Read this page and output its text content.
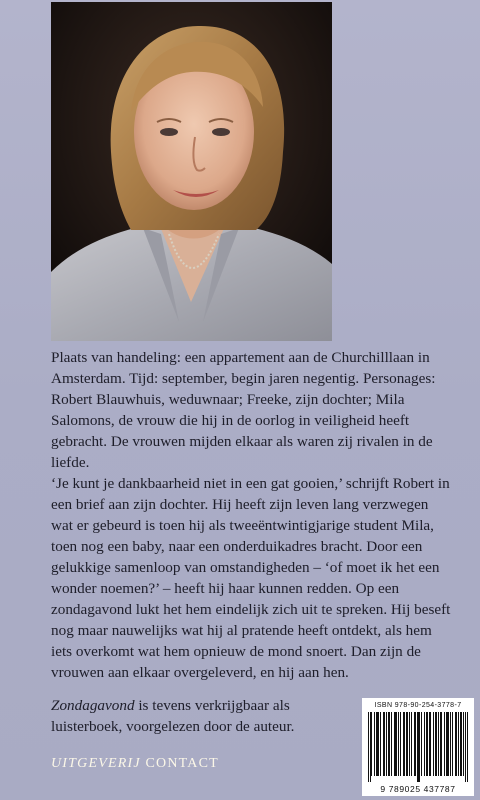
Plaats van handeling: een appartement aan de Churchilllaan in Amsterdam. Tijd: september, begin jaren negentig. Personages: Robert Blauwhuis, weduwnaar; Freeke, zijn dochter; Mila Salomons, de vrouw die hij in de oorlog in veiligheid heeft gebracht. De vrouwen mijden elkaar als waren zij rivalen in de liefde.

‘Je kunt je dankbaarheid niet in een gat gooien,’ schrijft Robert in een brief aan zijn dochter. Hij heeft zijn leven lang verzwegen wat er gebeurd is toen hij als tweeëntwintigjarige student Mila, toen nog een baby, naar een onderduikadres bracht. Door een gelukkige samenloop van omstandigheden – ‘of moet ik het een wonder noemen?’ – heeft hij haar kunnen redden. Op een zondagavond lukt het hem eindelijk zich uit te spreken. Hij beseft nog maar nauwelijks wat hij al pratende heeft ontdekt, als hem iets overkomt wat hem opnieuw de mond snoert. Dan zijn de vrouwen aan elkaar overgeleverd, en hij aan hen.

Zondagavond is tevens verkrijgbaar als luisterboek, voorgelezen door de auteur.

UITGEVERIJ CONTACT
ISBN 978-90-254-3778-7
9 789025 437787
